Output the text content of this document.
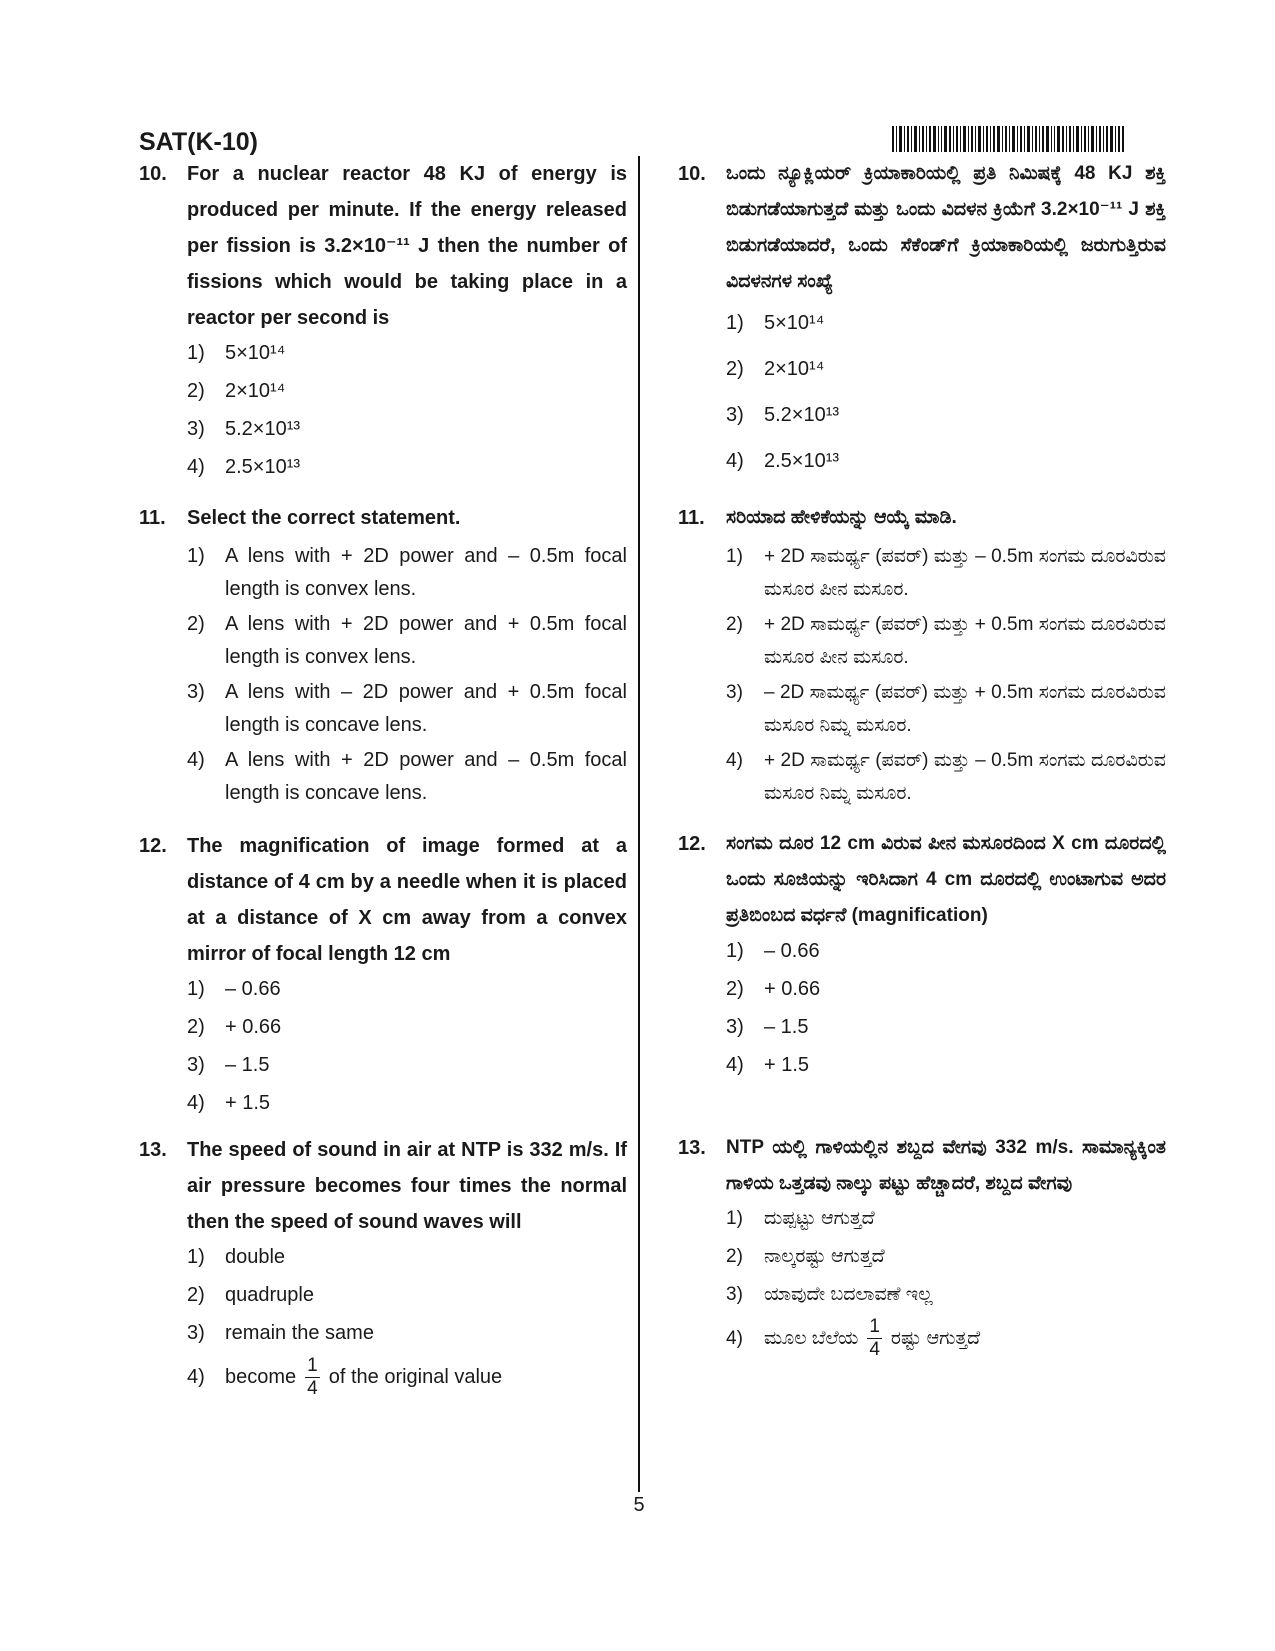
SAT(K-10)
10. For a nuclear reactor 48 KJ of energy is produced per minute. If the energy released per fission is 3.2×10⁻¹¹ J then the number of fissions which would be taking place in a reactor per second is
1) 5×10¹⁴
2) 2×10¹⁴
3) 5.2×10¹³
4) 2.5×10¹³
11. Select the correct statement.
1) A lens with + 2D power and – 0.5m focal length is convex lens.
2) A lens with + 2D power and + 0.5m focal length is convex lens.
3) A lens with – 2D power and + 0.5m focal length is concave lens.
4) A lens with + 2D power and – 0.5m focal length is concave lens.
12. The magnification of image formed at a distance of 4 cm by a needle when it is placed at a distance of X cm away from a convex mirror of focal length 12 cm
1) – 0.66
2) + 0.66
3) – 1.5
4) + 1.5
13. The speed of sound in air at NTP is 332 m/s. If air pressure becomes four times the normal then the speed of sound waves will
1) double
2) quadruple
3) remain the same
4) become $\frac{1}{4}$ of the original value
10. ಒಂದು ನ್ಯೂಕ್ಲಿಯರ್ ಕ್ರಿಯಾಕಾರಿಯಲ್ಲಿ ಪ್ರತಿ ನಿಮಿಷಕ್ಕೆ 48 KJ ಶಕ್ತಿ ಬಿಡುಗಡೆಯಾಗುತ್ತದೆ ಮತ್ತು ಒಂದು ವಿದಳನ ಕ್ರಿಯೆಗೆ 3.2×10⁻¹¹ J ಶಕ್ತಿ ಬಿಡುಗಡೆಯಾದರೆ, ಒಂದು ಸೆಕೆಂಡ್‌ಗೆ ಕ್ರಿಯಾಕಾರಿಯಲ್ಲಿ ಜರುಗುತ್ತಿರುವ ವಿದಳನಗಳ ಸಂಖ್ಯೆ
1) 5×10¹⁴
2) 2×10¹⁴
3) 5.2×10¹³
4) 2.5×10¹³
11. ಸರಿಯಾದ ಹೇಳಿಕೆಯನ್ನು ಆಯ್ಕೆ ಮಾಡಿ.
1) + 2D ಸಾಮರ್ಥ್ಯ (ಪವರ್) ಮತ್ತು – 0.5m ಸಂಗಮ ದೂರವಿರುವ ಮಸೂರ ಪೀನ ಮಸೂರ.
2) + 2D ಸಾಮರ್ಥ್ಯ (ಪವರ್) ಮತ್ತು + 0.5m ಸಂಗಮ ದೂರವಿರುವ ಮಸೂರ ಪೀನ ಮಸೂರ.
3) – 2D ಸಾಮರ್ಥ್ಯ (ಪವರ್) ಮತ್ತು + 0.5m ಸಂಗಮ ದೂರವಿರುವ ಮಸೂರ ನಿಮ್ನ ಮಸೂರ.
4) + 2D ಸಾಮರ್ಥ್ಯ (ಪವರ್) ಮತ್ತು – 0.5m ಸಂಗಮ ದೂರವಿರುವ ಮಸೂರ ನಿಮ್ನ ಮಸೂರ.
12. ಸಂಗಮ ದೂರ 12 cm ವಿರುವ ಪೀನ ಮಸೂರದಿಂದ X cm ದೂರದಲ್ಲಿ ಒಂದು ಸೂಜಿಯನ್ನು ಇರಿಸಿದಾಗ 4 cm ದೂರದಲ್ಲಿ ಉಂಟಾಗುವ ಅದರ ಪ್ರತಿಬಿಂಬದ ವರ್ಧನೆ (magnification)
1) – 0.66
2) + 0.66
3) – 1.5
4) + 1.5
13. NTP ಯಲ್ಲಿ ಗಾಳಿಯಲ್ಲಿನ ಶಬ್ದದ ವೇಗವು 332 m/s. ಸಾಮಾನ್ಯಕ್ಕಿಂತ ಗಾಳಿಯ ಒತ್ತಡವು ನಾಲ್ಕು ಪಟ್ಟು ಹೆಚ್ಚಾದರೆ, ಶಬ್ದದ ವೇಗವು
1) ದುಪ್ಪಟ್ಟು ಆಗುತ್ತದೆ
2) ನಾಲ್ಕರಷ್ಟು ಆಗುತ್ತದೆ
3) ಯಾವುದೇ ಬದಲಾವಣೆ ಇಲ್ಲ
4) ಮೂಲ ಬೆಲೆಯ $\frac{1}{4}$ ರಷ್ಟು ಆಗುತ್ತದೆ
5
